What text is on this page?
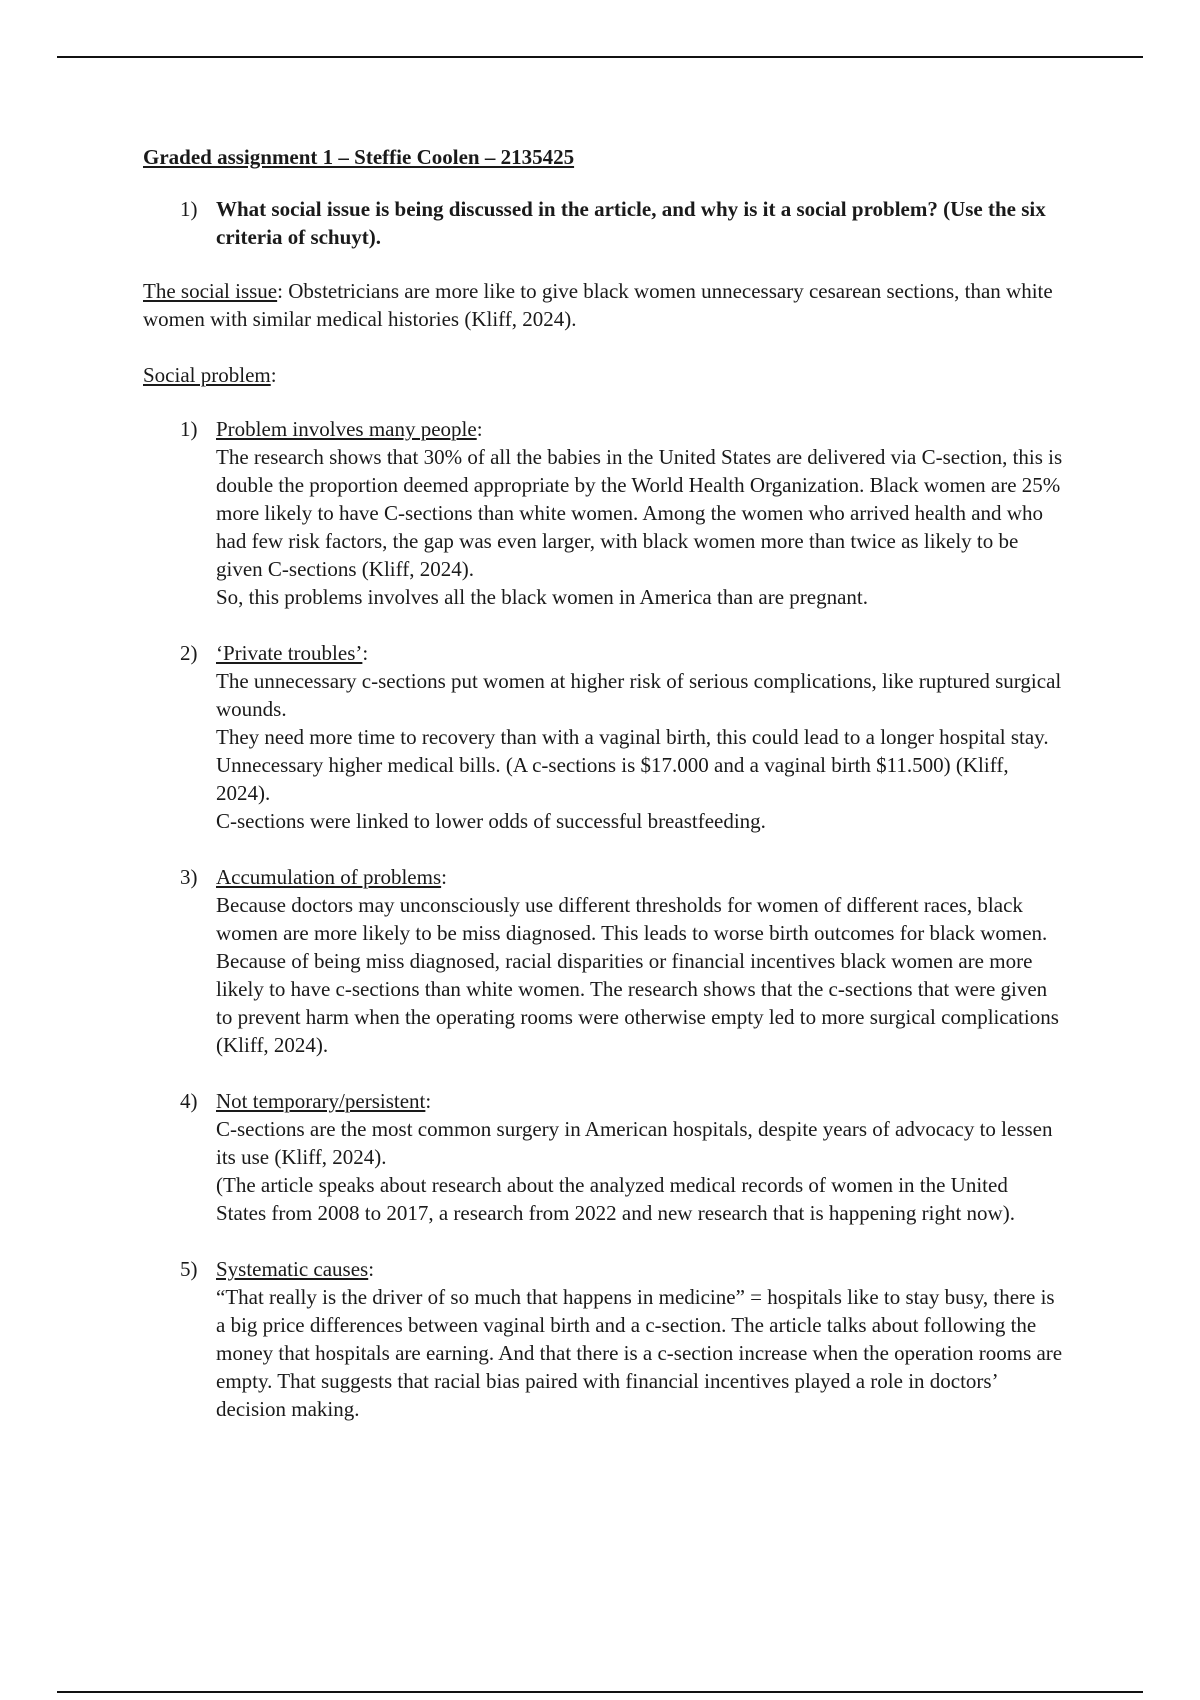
Graded assignment 1 – Steffie Coolen – 2135425
1) What social issue is being discussed in the article, and why is it a social problem? (Use the six criteria of schuyt).
The social issue: Obstetricians are more like to give black women unnecessary cesarean sections, than white women with similar medical histories (Kliff, 2024).
Social problem:
1) Problem involves many people:

The research shows that 30% of all the babies in the United States are delivered via C-section, this is double the proportion deemed appropriate by the World Health Organization. Black women are 25% more likely to have C-sections than white women. Among the women who arrived health and who had few risk factors, the gap was even larger, with black women more than twice as likely to be given C-sections (Kliff, 2024).

So, this problems involves all the black women in America than are pregnant.

2) ‘Private troubles’:

The unnecessary c-sections put women at higher risk of serious complications, like ruptured surgical wounds.

They need more time to recovery than with a vaginal birth, this could lead to a longer hospital stay.

Unnecessary higher medical bills. (A c-sections is $17.000 and a vaginal birth $11.500) (Kliff, 2024).

C-sections were linked to lower odds of successful breastfeeding.

3) Accumulation of problems:

Because doctors may unconsciously use different thresholds for women of different races, black women are more likely to be miss diagnosed. This leads to worse birth outcomes for black women.

Because of being miss diagnosed, racial disparities or financial incentives black women are more likely to have c-sections than white women. The research shows that the c-sections that were given to prevent harm when the operating rooms were otherwise empty led to more surgical complications (Kliff, 2024).

4) Not temporary/persistent:

C-sections are the most common surgery in American hospitals, despite years of advocacy to lessen its use (Kliff, 2024).

(The article speaks about research about the analyzed medical records of women in the United States from 2008 to 2017, a research from 2022 and new research that is happening right now).

5) Systematic causes:

“That really is the driver of so much that happens in medicine” = hospitals like to stay busy, there is a big price differences between vaginal birth and a c-section. The article talks about following the money that hospitals are earning. And that there is a c-section increase when the operation rooms are empty. That suggests that racial bias paired with financial incentives played a role in doctors’ decision making.
